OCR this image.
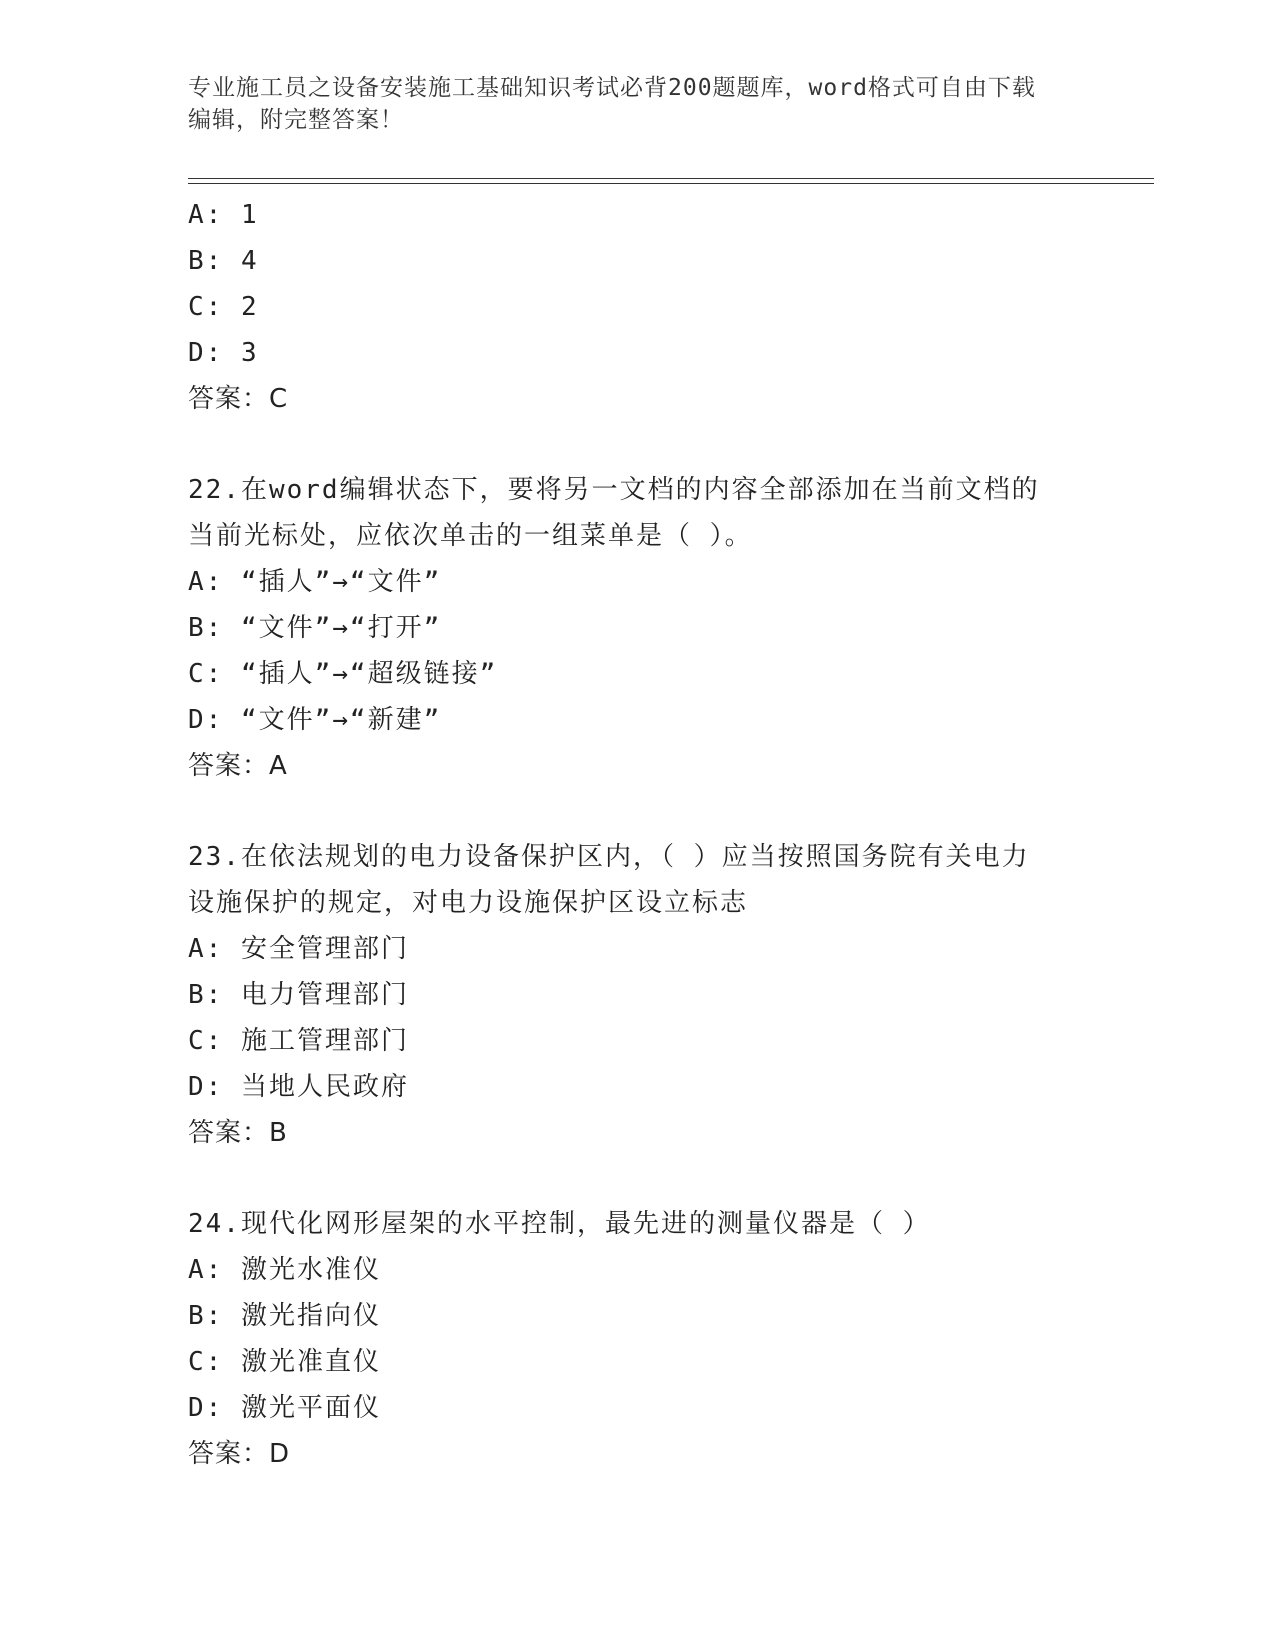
专业施工员之设备安装施工基础知识考试必背200题题库，word格式可自由下载
编辑，附完整答案！
A: 1
B: 4
C: 2
D: 3
答案：C
22.在word编辑状态下，要将另一文档的内容全部添加在当前文档的
当前光标处，应依次单击的一组菜单是（ ）。
A: “插人”→“文件”
B: “文件”→“打开”
C: “插人”→“超级链接”
D: “文件”→“新建”
答案：A
23.在依法规划的电力设备保护区内，（ ）应当按照国务院有关电力
设施保护的规定，对电力设施保护区设立标志
A: 安全管理部门
B: 电力管理部门
C: 施工管理部门
D: 当地人民政府
答案：B
24.现代化网形屋架的水平控制，最先进的测量仪器是（ ）
A: 激光水准仪
B: 激光指向仪
C: 激光准直仪
D: 激光平面仪
答案：D
